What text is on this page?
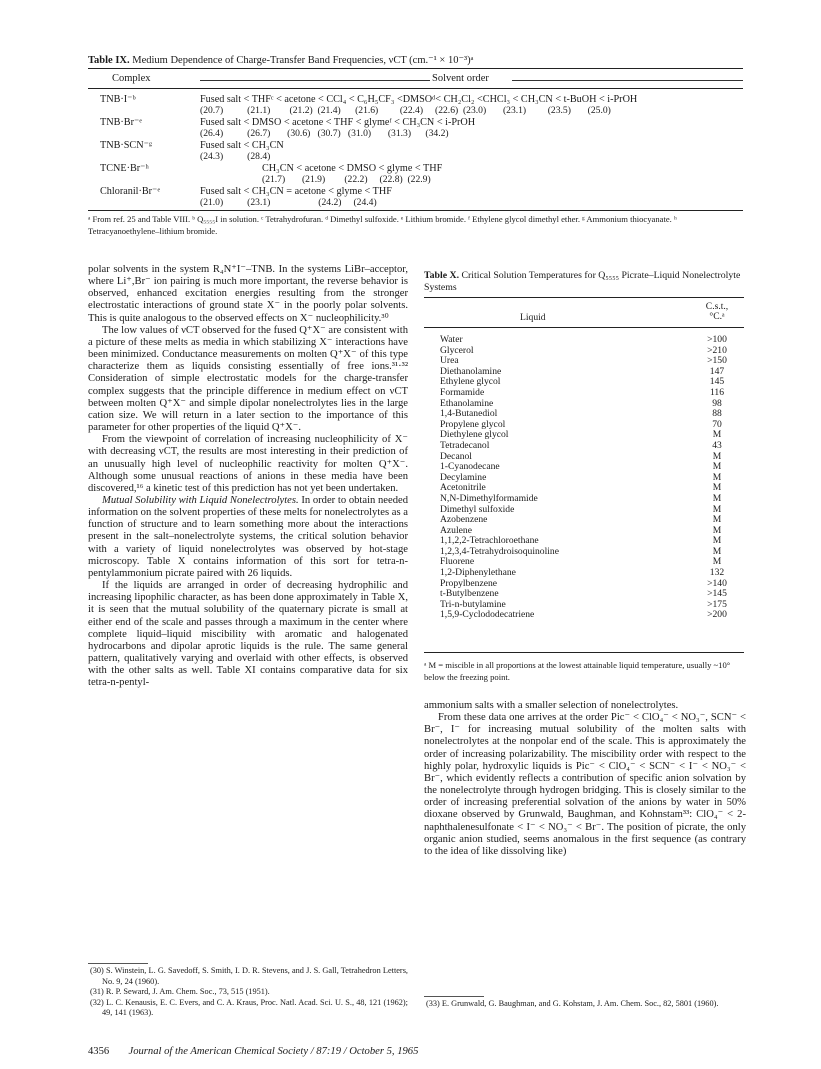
Table IX. Medium Dependence of Charge-Transfer Band Frequencies, νCT (cm.⁻¹ × 10⁻³)ᵃ
Complex	Solvent order
TNB·I⁻ᵇ	Fused salt < THFᶜ < acetone < CCl₄ < C₆H₅CF₃ <DMSOᵈ< CH₂Cl₂ <CHCl₃ < CH₃CN < t-BuOH < i-PrOH
(20.7)          (21.1)        (21.2)  (21.4)      (21.6)         (22.4)     (22.6)  (23.0)       (23.1)         (23.5)       (25.0)
TNB·Br⁻ᵉ	Fused salt < DMSO < acetone < THF < glymeᶠ < CH₃CN < i-PrOH
(26.4)          (26.7)       (30.6)   (30.7)   (31.0)       (31.3)      (34.2)
TNB·SCN⁻ᵍ	Fused salt < CH₃CN
(24.3)          (28.4)
TCNE·Br⁻ʰ	CH₃CN < acetone < DMSO < glyme < THF
(21.7)       (21.9)        (22.2)     (22.8)  (22.9)
Chloranil·Br⁻ᵉ	Fused salt < CH₃CN = acetone < glyme < THF
(21.0)          (23.1)                    (24.2)     (24.4)
ᵃ From ref. 25 and Table VIII. ᵇ Q₅₅₅₅I in solution. ᶜ Tetrahydrofuran. ᵈ Dimethyl sulfoxide. ᵉ Lithium bromide. ᶠ Ethylene glycol dimethyl ether. ᵍ Ammonium thiocyanate. ʰ Tetracyanoethylene–lithium bromide.

polar solvents in the system R₄N⁺I⁻–TNB. In the systems LiBr–acceptor, where Li⁺,Br⁻ ion pairing is much more important, the reverse behavior is observed, enhanced excitation energies resulting from the stronger electrostatic interactions of ground state X⁻ in the poorly polar solvents. This is quite analogous to the observed effects on X⁻ nucleophilicity.³⁰

The low values of νCT observed for the fused Q⁺X⁻ are consistent with a picture of these melts as media in which stabilizing X⁻ interactions have been minimized. Conductance measurements on molten Q⁺X⁻ of this type characterize them as liquids consisting essentially of free ions.³¹·³² Consideration of simple electrostatic models for the charge-transfer complex suggests that the principle difference in medium effect on νCT between molten Q⁺X⁻ and simple dipolar nonelectrolytes lies in the large cation size. We will return in a later section to the importance of this parameter for other properties of the liquid Q⁺X⁻.

From the viewpoint of correlation of increasing nucleophilicity of X⁻ with decreasing νCT, the results are most interesting in their prediction of an unusually high level of nucleophilic reactivity for molten Q⁺X⁻. Although some unusual reactions of anions in these media have been discovered,¹⁶ a kinetic test of this prediction has not yet been undertaken.

Mutual Solubility with Liquid Nonelectrolytes. In order to obtain needed information on the solvent properties of these melts for nonelectrolytes as a function of structure and to learn something more about the interactions present in the salt–nonelectrolyte systems, the critical solution behavior with a variety of liquid nonelectrolytes was observed by hot-stage microscopy. Table X contains information of this sort for tetra-n-pentylammonium picrate paired with 26 liquids.

If the liquids are arranged in order of decreasing hydrophilic and increasing lipophilic character, as has been done approximately in Table X, it is seen that the mutual solubility of the quaternary picrate is small at either end of the scale and passes through a maximum in the center where complete liquid–liquid miscibility with aromatic and halogenated hydrocarbons and dipolar aprotic liquids is the rule. The same general pattern, qualitatively varying and overlaid with other effects, is observed with the other salts as well. Table XI contains comparative data for six tetra-n-pentyl-

(30) S. Winstein, L. G. Savedoff, S. Smith, I. D. R. Stevens, and J. S. Gall, Tetrahedron Letters, No. 9, 24 (1960).
(31) R. P. Seward, J. Am. Chem. Soc., 73, 515 (1951).
(32) L. C. Kenausis, E. C. Evers, and C. A. Kraus, Proc. Natl. Acad. Sci. U. S., 48, 121 (1962); 49, 141 (1963).
Table X. Critical Solution Temperatures for Q₅₅₅₅ Picrate–Liquid Nonelectrolyte Systems
Liquid
C.s.t.,
°C.ᵃ
Water	>100
Glycerol	>210
Urea	>150
Diethanolamine	147
Ethylene glycol	145
Formamide	116
Ethanolamine	98
1,4-Butanediol	88
Propylene glycol	70
Diethylene glycol	M
Tetradecanol	43
Decanol	M
1-Cyanodecane	M
Decylamine	M
Acetonitrile	M
N,N-Dimethylformamide	M
Dimethyl sulfoxide	M
Azobenzene	M
Azulene	M
1,1,2,2-Tetrachloroethane	M
1,2,3,4-Tetrahydroisoquinoline	M
Fluorene	M
1,2-Diphenylethane	132
Propylbenzene	>140
t-Butylbenzene	>145
Tri-n-butylamine	>175
1,5,9-Cyclododecatriene	>200
ᵃ M = miscible in all proportions at the lowest attainable liquid temperature, usually ~10° below the freezing point.

ammonium salts with a smaller selection of nonelectrolytes.

From these data one arrives at the order Pic⁻ < ClO₄⁻ < NO₃⁻, SCN⁻ < Br⁻, I⁻ for increasing mutual solubility of the molten salts with nonelectrolytes at the nonpolar end of the scale. This is approximately the order of increasing polarizability. The miscibility order with respect to the highly polar, hydroxylic liquids is Pic⁻ < ClO₄⁻ < SCN⁻ < I⁻ < NO₃⁻ < Br⁻, which evidently reflects a contribution of specific anion solvation by the nonelectrolyte through hydrogen bridging. This is closely similar to the order of increasing preferential solvation of the anions by water in 50% dioxane observed by Grunwald, Baughman, and Kohnstam³³: ClO₄⁻ < 2-naphthalenesulfonate < I⁻ < NO₃⁻ < Br⁻. The position of picrate, the only organic anion studied, seems anomalous in the first sequence (as contrary to the idea of like dissolving like)

(33) E. Grunwald, G. Baughman, and G. Kohstam, J. Am. Chem. Soc., 82, 5801 (1960).
4356 Journal of the American Chemical Society / 87:19 / October 5, 1965
